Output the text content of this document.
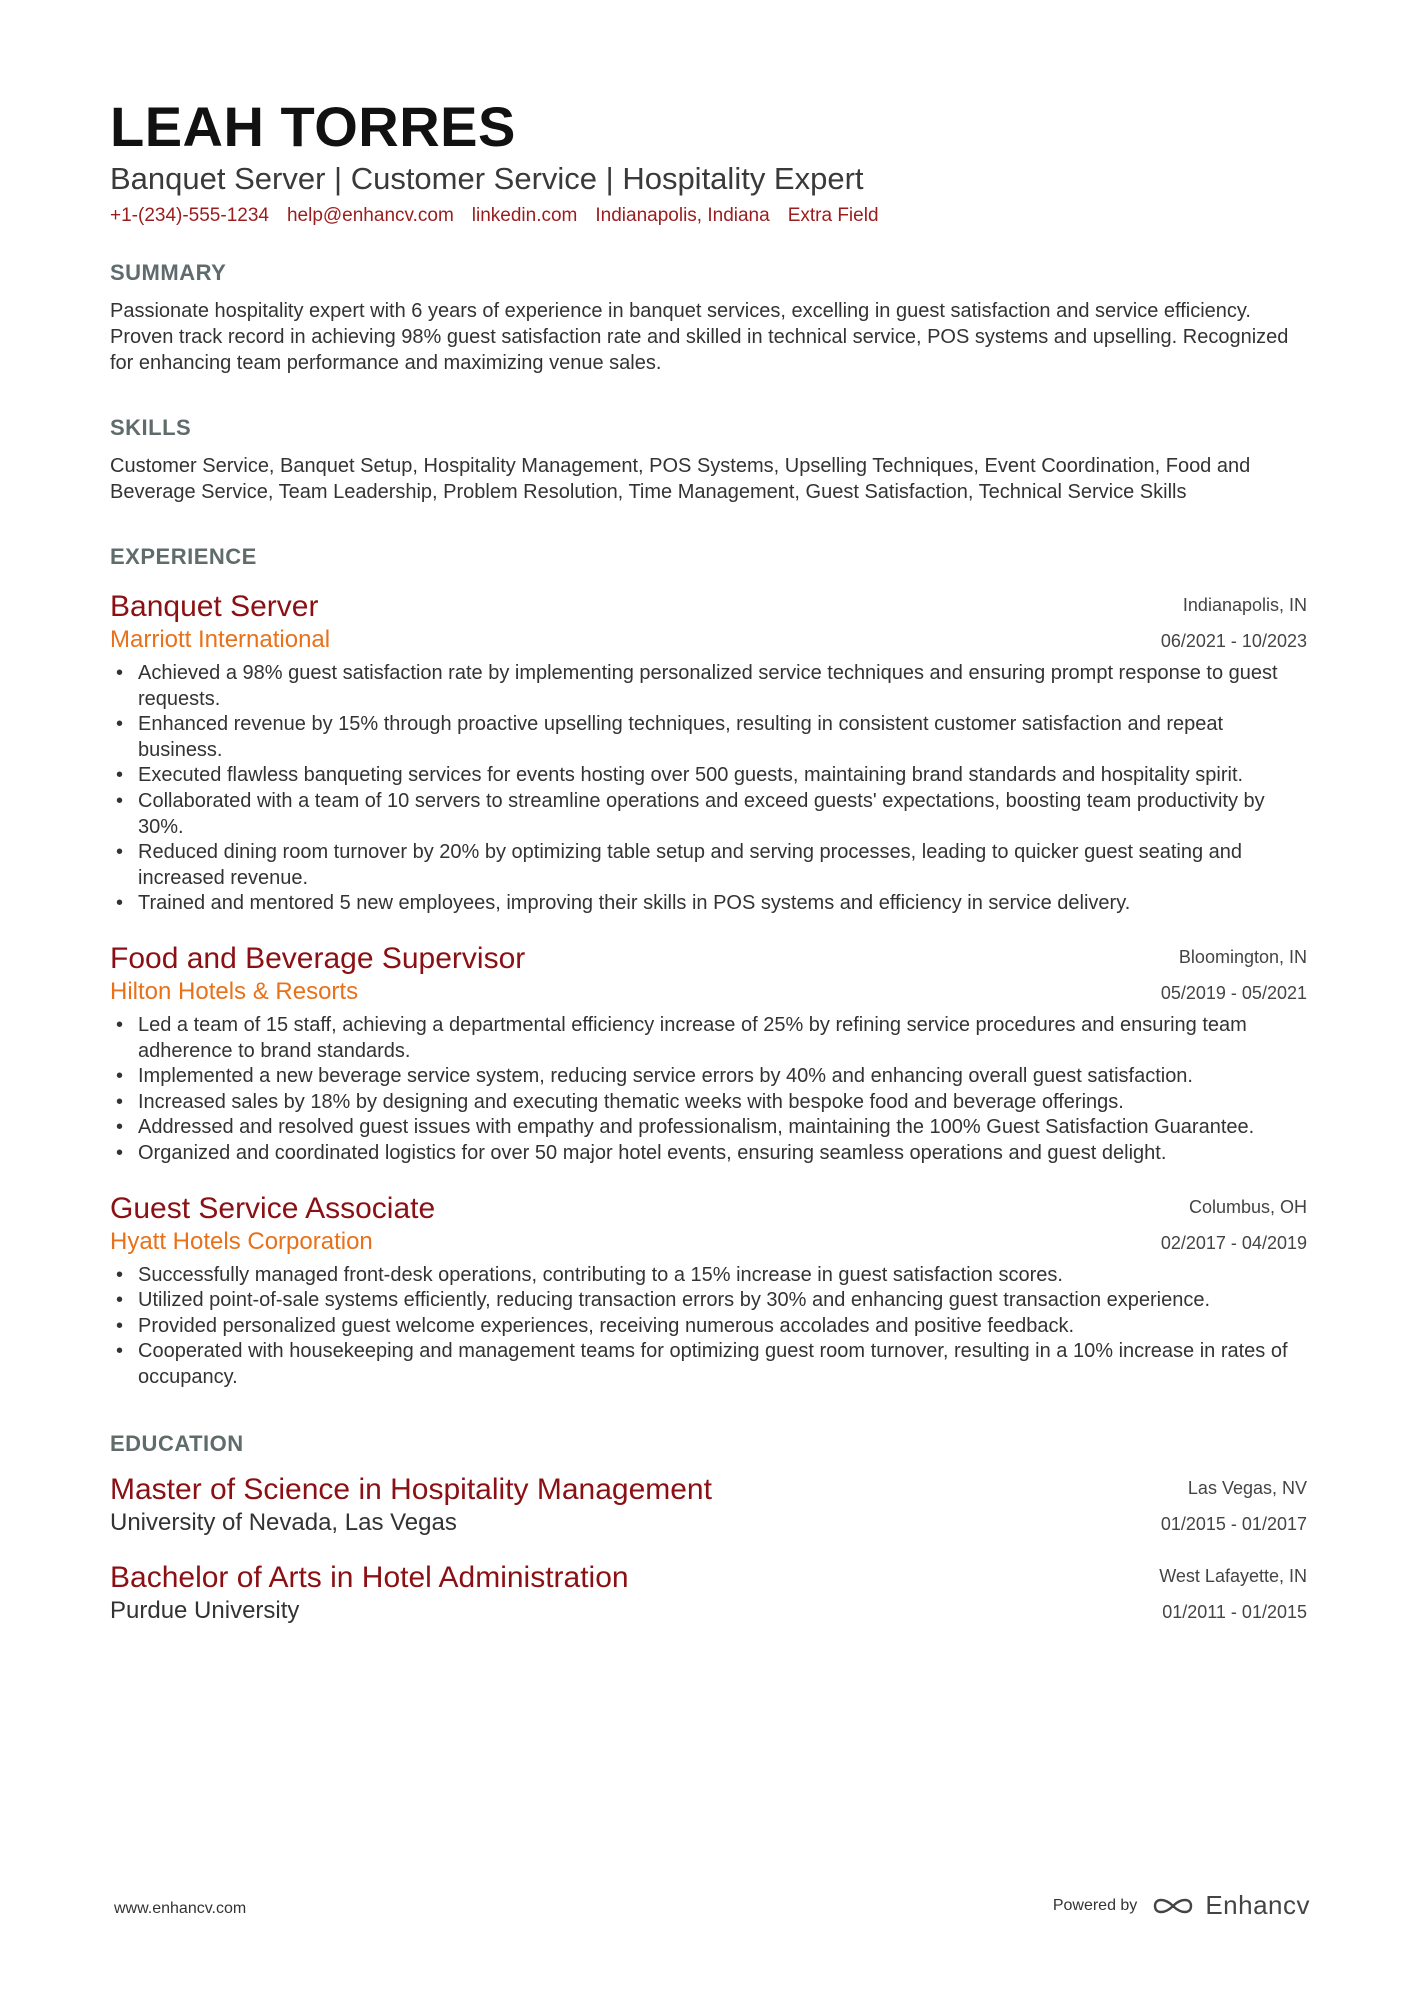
LEAH TORRES
Banquet Server | Customer Service | Hospitality Expert
+1-(234)-555-1234 help@enhancv.com linkedin.com Indianapolis, Indiana Extra Field
SUMMARY
Passionate hospitality expert with 6 years of experience in banquet services, excelling in guest satisfaction and service efficiency. Proven track record in achieving 98% guest satisfaction rate and skilled in technical service, POS systems and upselling. Recognized for enhancing team performance and maximizing venue sales.
SKILLS
Customer Service, Banquet Setup, Hospitality Management, POS Systems, Upselling Techniques, Event Coordination, Food and Beverage Service, Team Leadership, Problem Resolution, Time Management, Guest Satisfaction, Technical Service Skills
EXPERIENCE
Banquet Server
Marriott International
Indianapolis, IN
06/2021 - 10/2023
• Achieved a 98% guest satisfaction rate by implementing personalized service techniques and ensuring prompt response to guest requests.
• Enhanced revenue by 15% through proactive upselling techniques, resulting in consistent customer satisfaction and repeat business.
• Executed flawless banqueting services for events hosting over 500 guests, maintaining brand standards and hospitality spirit.
• Collaborated with a team of 10 servers to streamline operations and exceed guests' expectations, boosting team productivity by 30%.
• Reduced dining room turnover by 20% by optimizing table setup and serving processes, leading to quicker guest seating and increased revenue.
• Trained and mentored 5 new employees, improving their skills in POS systems and efficiency in service delivery.
Food and Beverage Supervisor
Hilton Hotels & Resorts
Bloomington, IN
05/2019 - 05/2021
• Led a team of 15 staff, achieving a departmental efficiency increase of 25% by refining service procedures and ensuring team adherence to brand standards.
• Implemented a new beverage service system, reducing service errors by 40% and enhancing overall guest satisfaction.
• Increased sales by 18% by designing and executing thematic weeks with bespoke food and beverage offerings.
• Addressed and resolved guest issues with empathy and professionalism, maintaining the 100% Guest Satisfaction Guarantee.
• Organized and coordinated logistics for over 50 major hotel events, ensuring seamless operations and guest delight.
Guest Service Associate
Hyatt Hotels Corporation
Columbus, OH
02/2017 - 04/2019
• Successfully managed front-desk operations, contributing to a 15% increase in guest satisfaction scores.
• Utilized point-of-sale systems efficiently, reducing transaction errors by 30% and enhancing guest transaction experience.
• Provided personalized guest welcome experiences, receiving numerous accolades and positive feedback.
• Cooperated with housekeeping and management teams for optimizing guest room turnover, resulting in a 10% increase in rates of occupancy.
EDUCATION
Master of Science in Hospitality Management
University of Nevada, Las Vegas
Las Vegas, NV
01/2015 - 01/2017
Bachelor of Arts in Hotel Administration
Purdue University
West Lafayette, IN
01/2011 - 01/2015
www.enhancv.com	Powered by	Enhancv
